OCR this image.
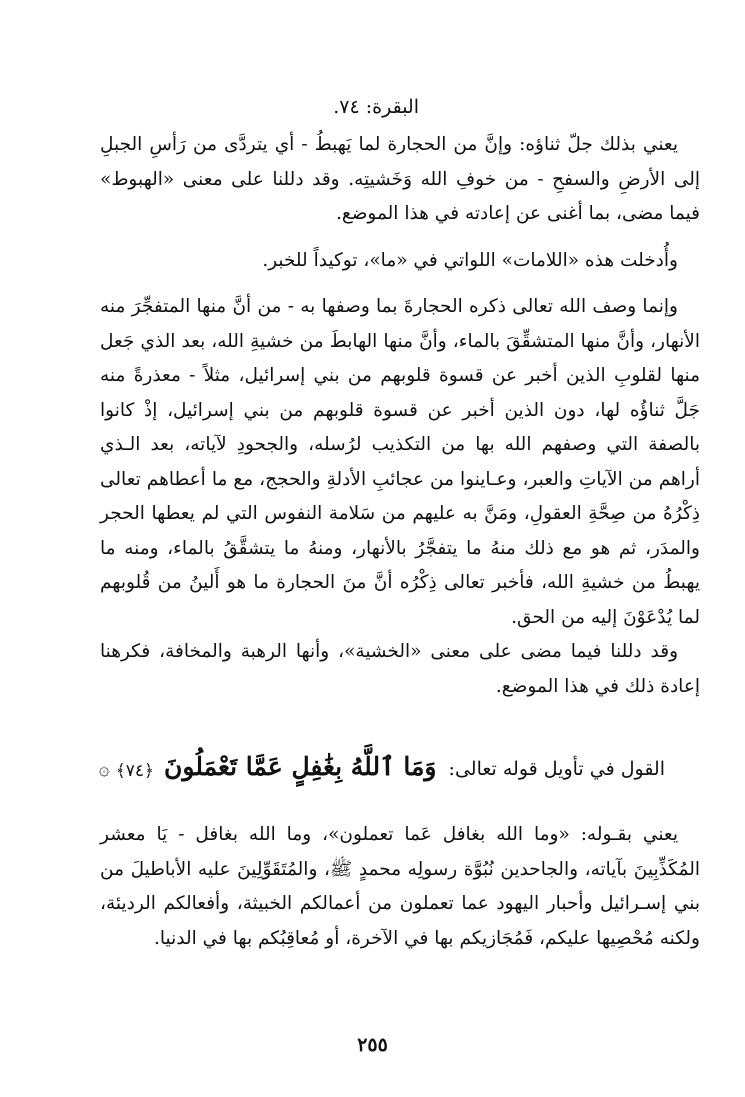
البقرة: ٧٤.

يعني بذلك جلّ ثناؤه: وإنَّ من الحجارة لما يَهبطُ - أي يتردَّى من رَأسِ الجبلِ إلى الأرضِ والسفحِ - من خوفِ الله وَخَشيتِه. وقد دللنا على معنى «الهبوط» فيما مضى، بما أغنى عن إعادته في هذا الموضع.

وأُدخلت هذه «اللامات» اللواتي في «ما»، توكيداً للخبر.

وإنما وصف الله تعالى ذكره الحجارةَ بما وصفها به - من أنَّ منها المتفجِّرَ منه الأنهار، وأنَّ منها المتشقِّقَ بالماء، وأنَّ منها الهابطَ من خشيةِ الله، بعد الذي جَعل منها لقلوبِ الذين أخبر عن قسوة قلوبهم من بني إسرائيل، مثلاً - معذرةً منه جَلَّ ثناؤُه لها، دون الذين أخبر عن قسوة قلوبهم من بني إسرائيل، إذْ كانوا بالصفة التي وصفهم الله بها من التكذيب لرُسله، والجحودِ لآياته، بعد الـذي أراهم من الآياتِ والعبر، وعـاينوا من عجائبِ الأدلةِ والحجج، مع ما أعطاهم تعالى ذِكْرُهُ من صِحَّةِ العقولِ، ومَنَّ به عليهم من سَلامة النفوس التي لم يعطها الحجر والمدَر، ثم هو مع ذلك منهُ ما يتفجَّرُ بالأنهار، ومنهُ ما يتشقَّقُ بالماء، ومنه ما يهبطُ من خشيةِ الله، فأخبر تعالى ذِكْرُه أنَّ منَ الحجارة ما هو أَلينُ من قُلوبهم لما يُدْعَوْنَ إليه من الحق.

وقد دللنا فيما مضى على معنى «الخشية»، وأنها الرهبة والمخافة، فكرهنا إعادة ذلك في هذا الموضع.

القول في تأويل قوله تعالى: وَمَا ٱللَّهُ بِغَٰفِلٍ عَمَّا تَعْمَلُونَ ﴿٧٤﴾ ۞

يعني بقـوله: «وما الله بغافل عَما تعملون»، وما الله بغافل - يَا معشر المُكَذِّبِينَ بآياته، والجاحدين نُبُوَّة رسولِه محمدٍ ﷺ، والمُتَقَوِّلِينَ عليه الأباطيلَ من بني إسـرائيل وأحبار اليهود عما تعملون من أعمالكم الخبيثة، وأفعالكم الرديئة، ولكنه مُحْصِيها عليكم، فَمُجَازيكم بها في الآخرة، أو مُعاقِبُكم بها في الدنيا.

٢٥٥
